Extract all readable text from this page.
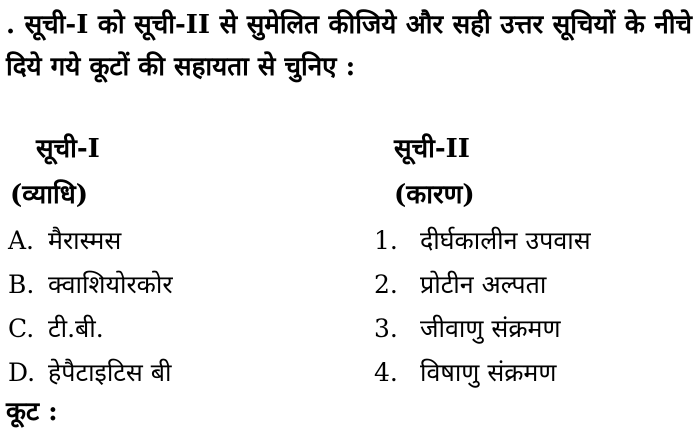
. सूची-I को सूची-II से सुमेलित कीजिये और सही उत्तर सूचियों के नीचे दिये गये कूटों की सहायता से चुनिए :
सूची-I	सूची-II
(व्याधि)	(कारण)
A. मैरास्मस
B. क्वाशियोरकोर
C. टी.बी.
D. हेपैटाइटिस बी
1. दीर्घकालीन उपवास
2. प्रोटीन अल्पता
3. जीवाणु संक्रमण
4. विषाणु संक्रमण
कूट :
